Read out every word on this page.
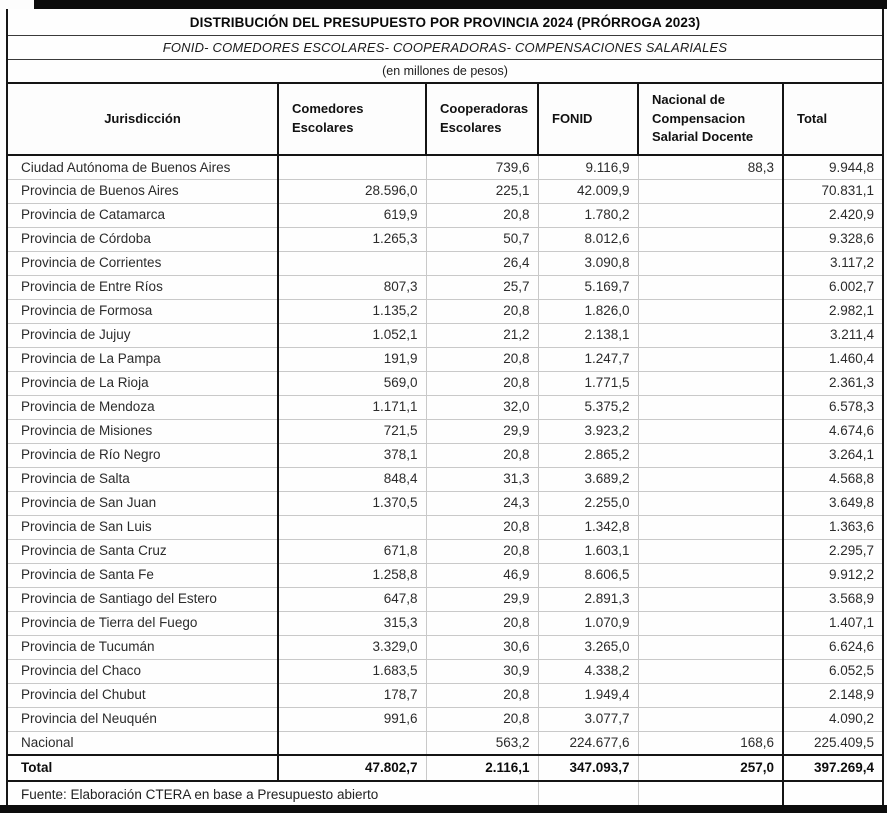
DISTRIBUCIÓN DEL PRESUPUESTO POR PROVINCIA 2024 (PRÓRROGA 2023)
FONID- COMEDORES ESCOLARES- COOPERADORAS- COMPENSACIONES SALARIALES
(en millones de pesos)
Jurisdicción	Comedores Escolares	Cooperadoras Escolares	FONID	Nacional de Compensacion Salarial Docente	Total
Ciudad Autónoma de Buenos Aires		739,6	9.116,9	88,3	9.944,8
Provincia de Buenos Aires	28.596,0	225,1	42.009,9		70.831,1
Provincia de Catamarca	619,9	20,8	1.780,2		2.420,9
Provincia de Córdoba	1.265,3	50,7	8.012,6		9.328,6
Provincia de Corrientes		26,4	3.090,8		3.117,2
Provincia de Entre Ríos	807,3	25,7	5.169,7		6.002,7
Provincia de Formosa	1.135,2	20,8	1.826,0		2.982,1
Provincia de Jujuy	1.052,1	21,2	2.138,1		3.211,4
Provincia de La Pampa	191,9	20,8	1.247,7		1.460,4
Provincia de La Rioja	569,0	20,8	1.771,5		2.361,3
Provincia de Mendoza	1.171,1	32,0	5.375,2		6.578,3
Provincia de Misiones	721,5	29,9	3.923,2		4.674,6
Provincia de Río Negro	378,1	20,8	2.865,2		3.264,1
Provincia de Salta	848,4	31,3	3.689,2		4.568,8
Provincia de San Juan	1.370,5	24,3	2.255,0		3.649,8
Provincia de San Luis		20,8	1.342,8		1.363,6
Provincia de Santa Cruz	671,8	20,8	1.603,1		2.295,7
Provincia de Santa Fe	1.258,8	46,9	8.606,5		9.912,2
Provincia de Santiago del Estero	647,8	29,9	2.891,3		3.568,9
Provincia de Tierra del Fuego	315,3	20,8	1.070,9		1.407,1
Provincia de Tucumán	3.329,0	30,6	3.265,0		6.624,6
Provincia del Chaco	1.683,5	30,9	4.338,2		6.052,5
Provincia del Chubut	178,7	20,8	1.949,4		2.148,9
Provincia del Neuquén	991,6	20,8	3.077,7		4.090,2
Nacional		563,2	224.677,6	168,6	225.409,5
Total	47.802,7	2.116,1	347.093,7	257,0	397.269,4
Fuente: Elaboración CTERA en base a Presupuesto abierto					
